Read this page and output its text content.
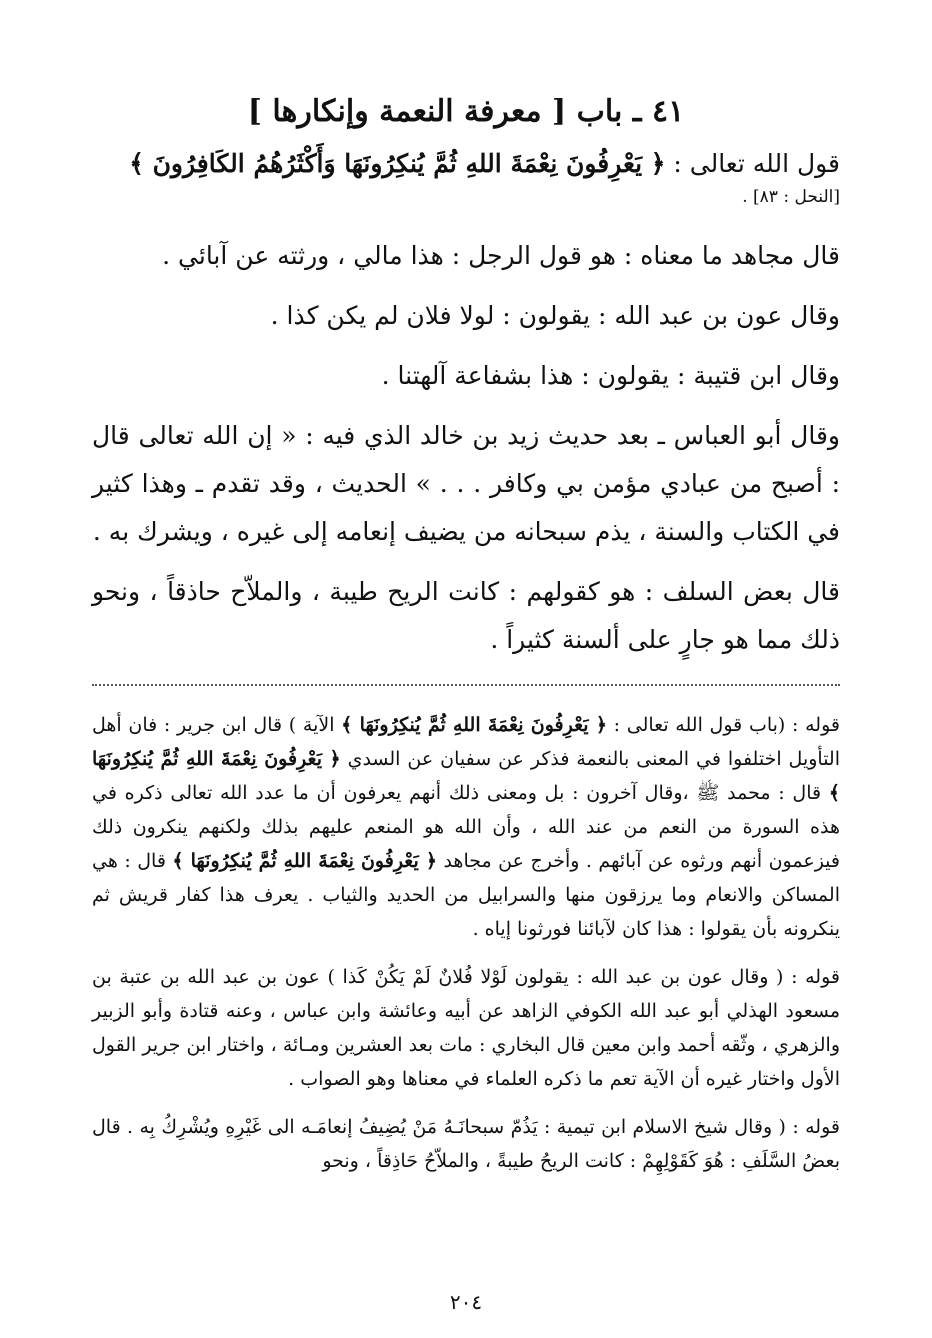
٤١ ـ باب [ معرفة النعمة وإنكارها ]

قول الله تعالى : ﴿ يَعْرِفُونَ نِعْمَةَ اللهِ ثُمَّ يُنكِرُونَهَا وَأَكْثَرُهُمُ الكَافِرُونَ ﴾

[النحل : ٨٣] .

قال مجاهد ما معناه : هو قول الرجل : هذا مالي ، ورثته عن آبائي .

وقال عون بن عبد الله : يقولون : لولا فلان لم يكن كذا .

وقال ابن قتيبة : يقولون : هذا بشفاعة آلهتنا .

وقال أبو العباس ـ بعد حديث زيد بن خالد الذي فيه : « إن الله تعالى قال : أصبح من عبادي مؤمن بي وكافر . . . » الحديث ، وقد تقدم ـ وهذا كثير في الكتاب والسنة ، يذم سبحانه من يضيف إنعامه إلى غيره ، ويشرك به .

قال بعض السلف : هو كقولهم : كانت الريح طيبة ، والملاّح حاذقاً ، ونحو ذلك مما هو جارٍ على ألسنة كثيراً .

قوله : (باب قول الله تعالى : ﴿ يَعْرِفُونَ نِعْمَةَ اللهِ ثُمَّ يُنكِرُونَهَا ﴾ الآية ) قال ابن جرير : فان أهل التأويل اختلفوا في المعنى بالنعمة فذكر عن سفيان عن السدي ﴿ يَعْرِفُونَ نِعْمَةَ اللهِ ثُمَّ يُنكِرُونَهَا ﴾ قال : محمد ﷺ ،وقال آخرون : بل ومعنى ذلك أنهم يعرفون أن ما عدد الله تعالى ذكره في هذه السورة من النعم من عند الله ، وأن الله هو المنعم عليهم بذلك ولكنهم ينكرون ذلك فيزعمون أنهم ورثوه عن آبائهم . وأخرج عن مجاهد ﴿ يَعْرِفُونَ نِعْمَةَ اللهِ ثُمَّ يُنكِرُونَهَا ﴾ قال : هي المساكن والانعام وما يرزقون منها والسرابيل من الحديد والثياب . يعرف هذا كفار قريش ثم ينكرونه بأن يقولوا : هذا كان لآبائنا فورثونا إياه .

قوله : ( وقال عون بن عبد الله : يقولون لَوْلا فُلانٌ لَمْ يَكُنْ كَذا ) عون بن عبد الله بن عتبة بن مسعود الهذلي أبو عبد الله الكوفي الزاهد عن أبيه وعائشة وابن عباس ، وعنه قتادة وأبو الزبير والزهري ، وثّقه أحمد وابن معين قال البخاري : مات بعد العشرين ومـائة ، واختار ابن جرير القول الأول واختار غيره أن الآية تعم ما ذكره العلماء في معناها وهو الصواب .

قوله : ( وقال شيخ الاسلام ابن تيمية : يَذُمّ سبحانَـهُ مَنْ يُضِيفُ إنعامَـه الى غَيْرِهِ ويُشْرِكُ بِه . قال بعضُ السَّلَفِ : هُوَ كَقَوْلِهِمْ : كانت الريحُ طيبةً ، والملاّحُ حَاذِقاً ، ونحو

٢٠٤
